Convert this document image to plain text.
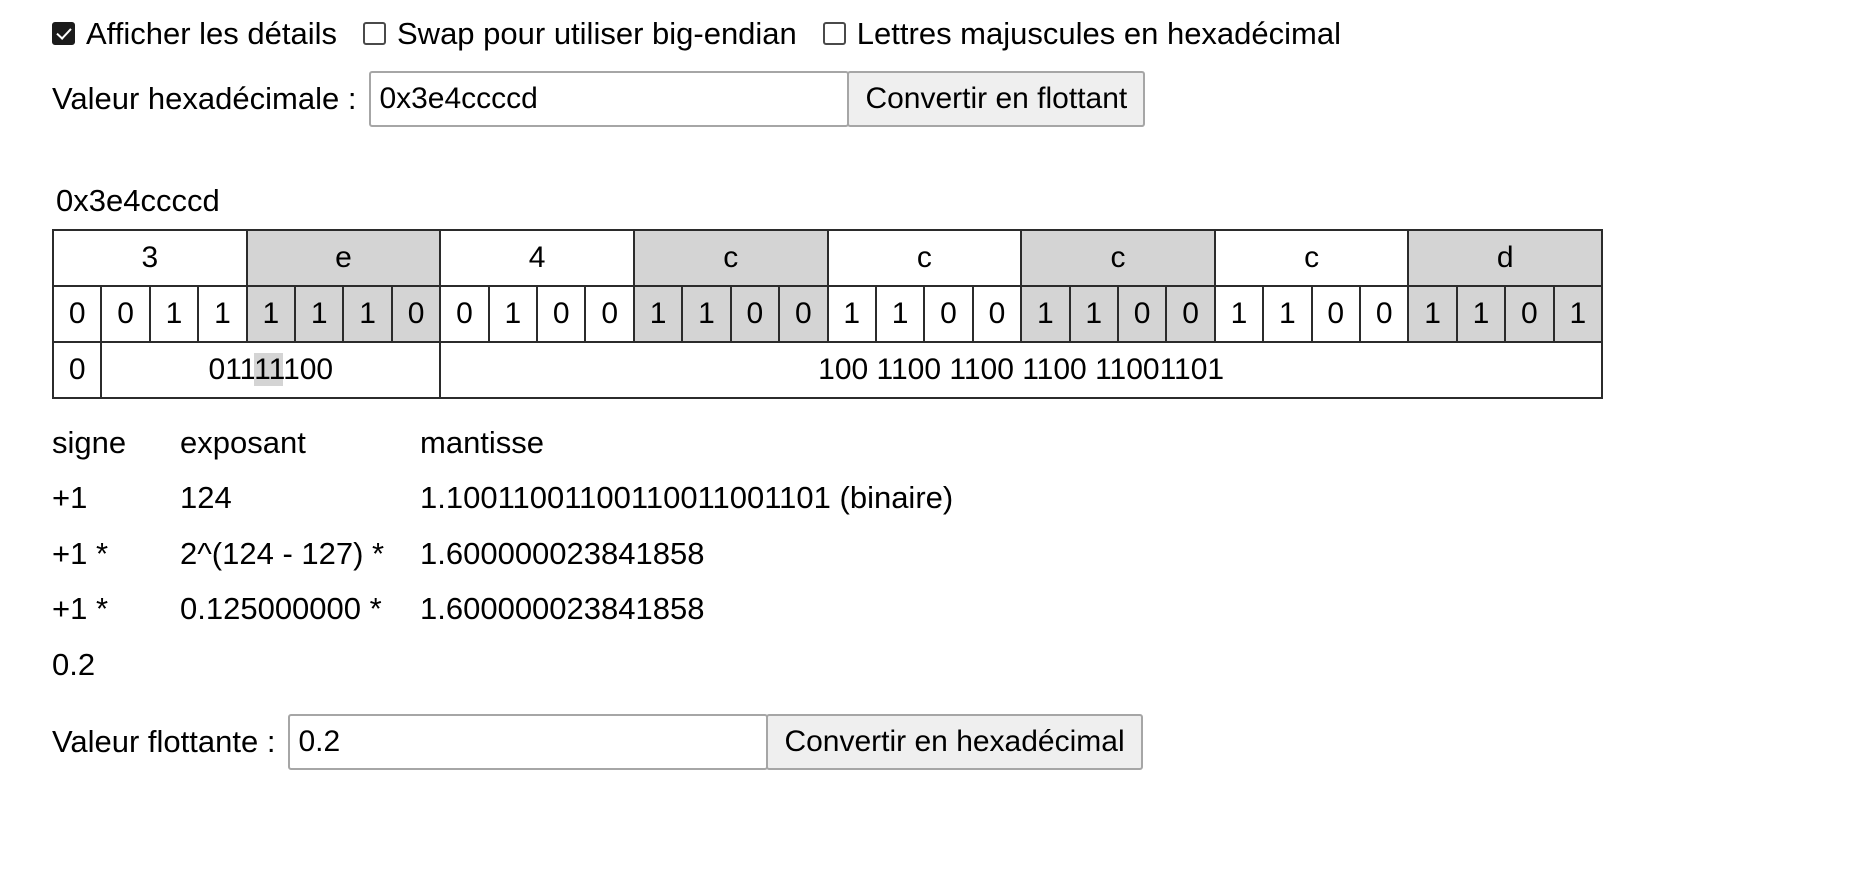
Afficher les détails Swap pour utiliser big-endian Lettres majuscules en hexadécimal
Valeur hexadécimale :
0x3e4ccccd	Convertir en flottant
0x3e4ccccd
3				e				4				c				c				c				c				d			
0	0	1	1	1	1	1	0	0	1	0	0	1	1	0	0	1	1	0	0	1	1	0	0	1	1	0	0	1	1	0	1
0	01111100							100 1100 1100 1100 11001101																							
signe	exposant	mantisse
+1	124	1.10011001100110011001101 (binaire)
+1 *	2^(124 - 127) *	1.600000023841858
+1 *	0.125000000 *	1.600000023841858
0.2
Valeur flottante :
0.2	Convertir en hexadécimal
